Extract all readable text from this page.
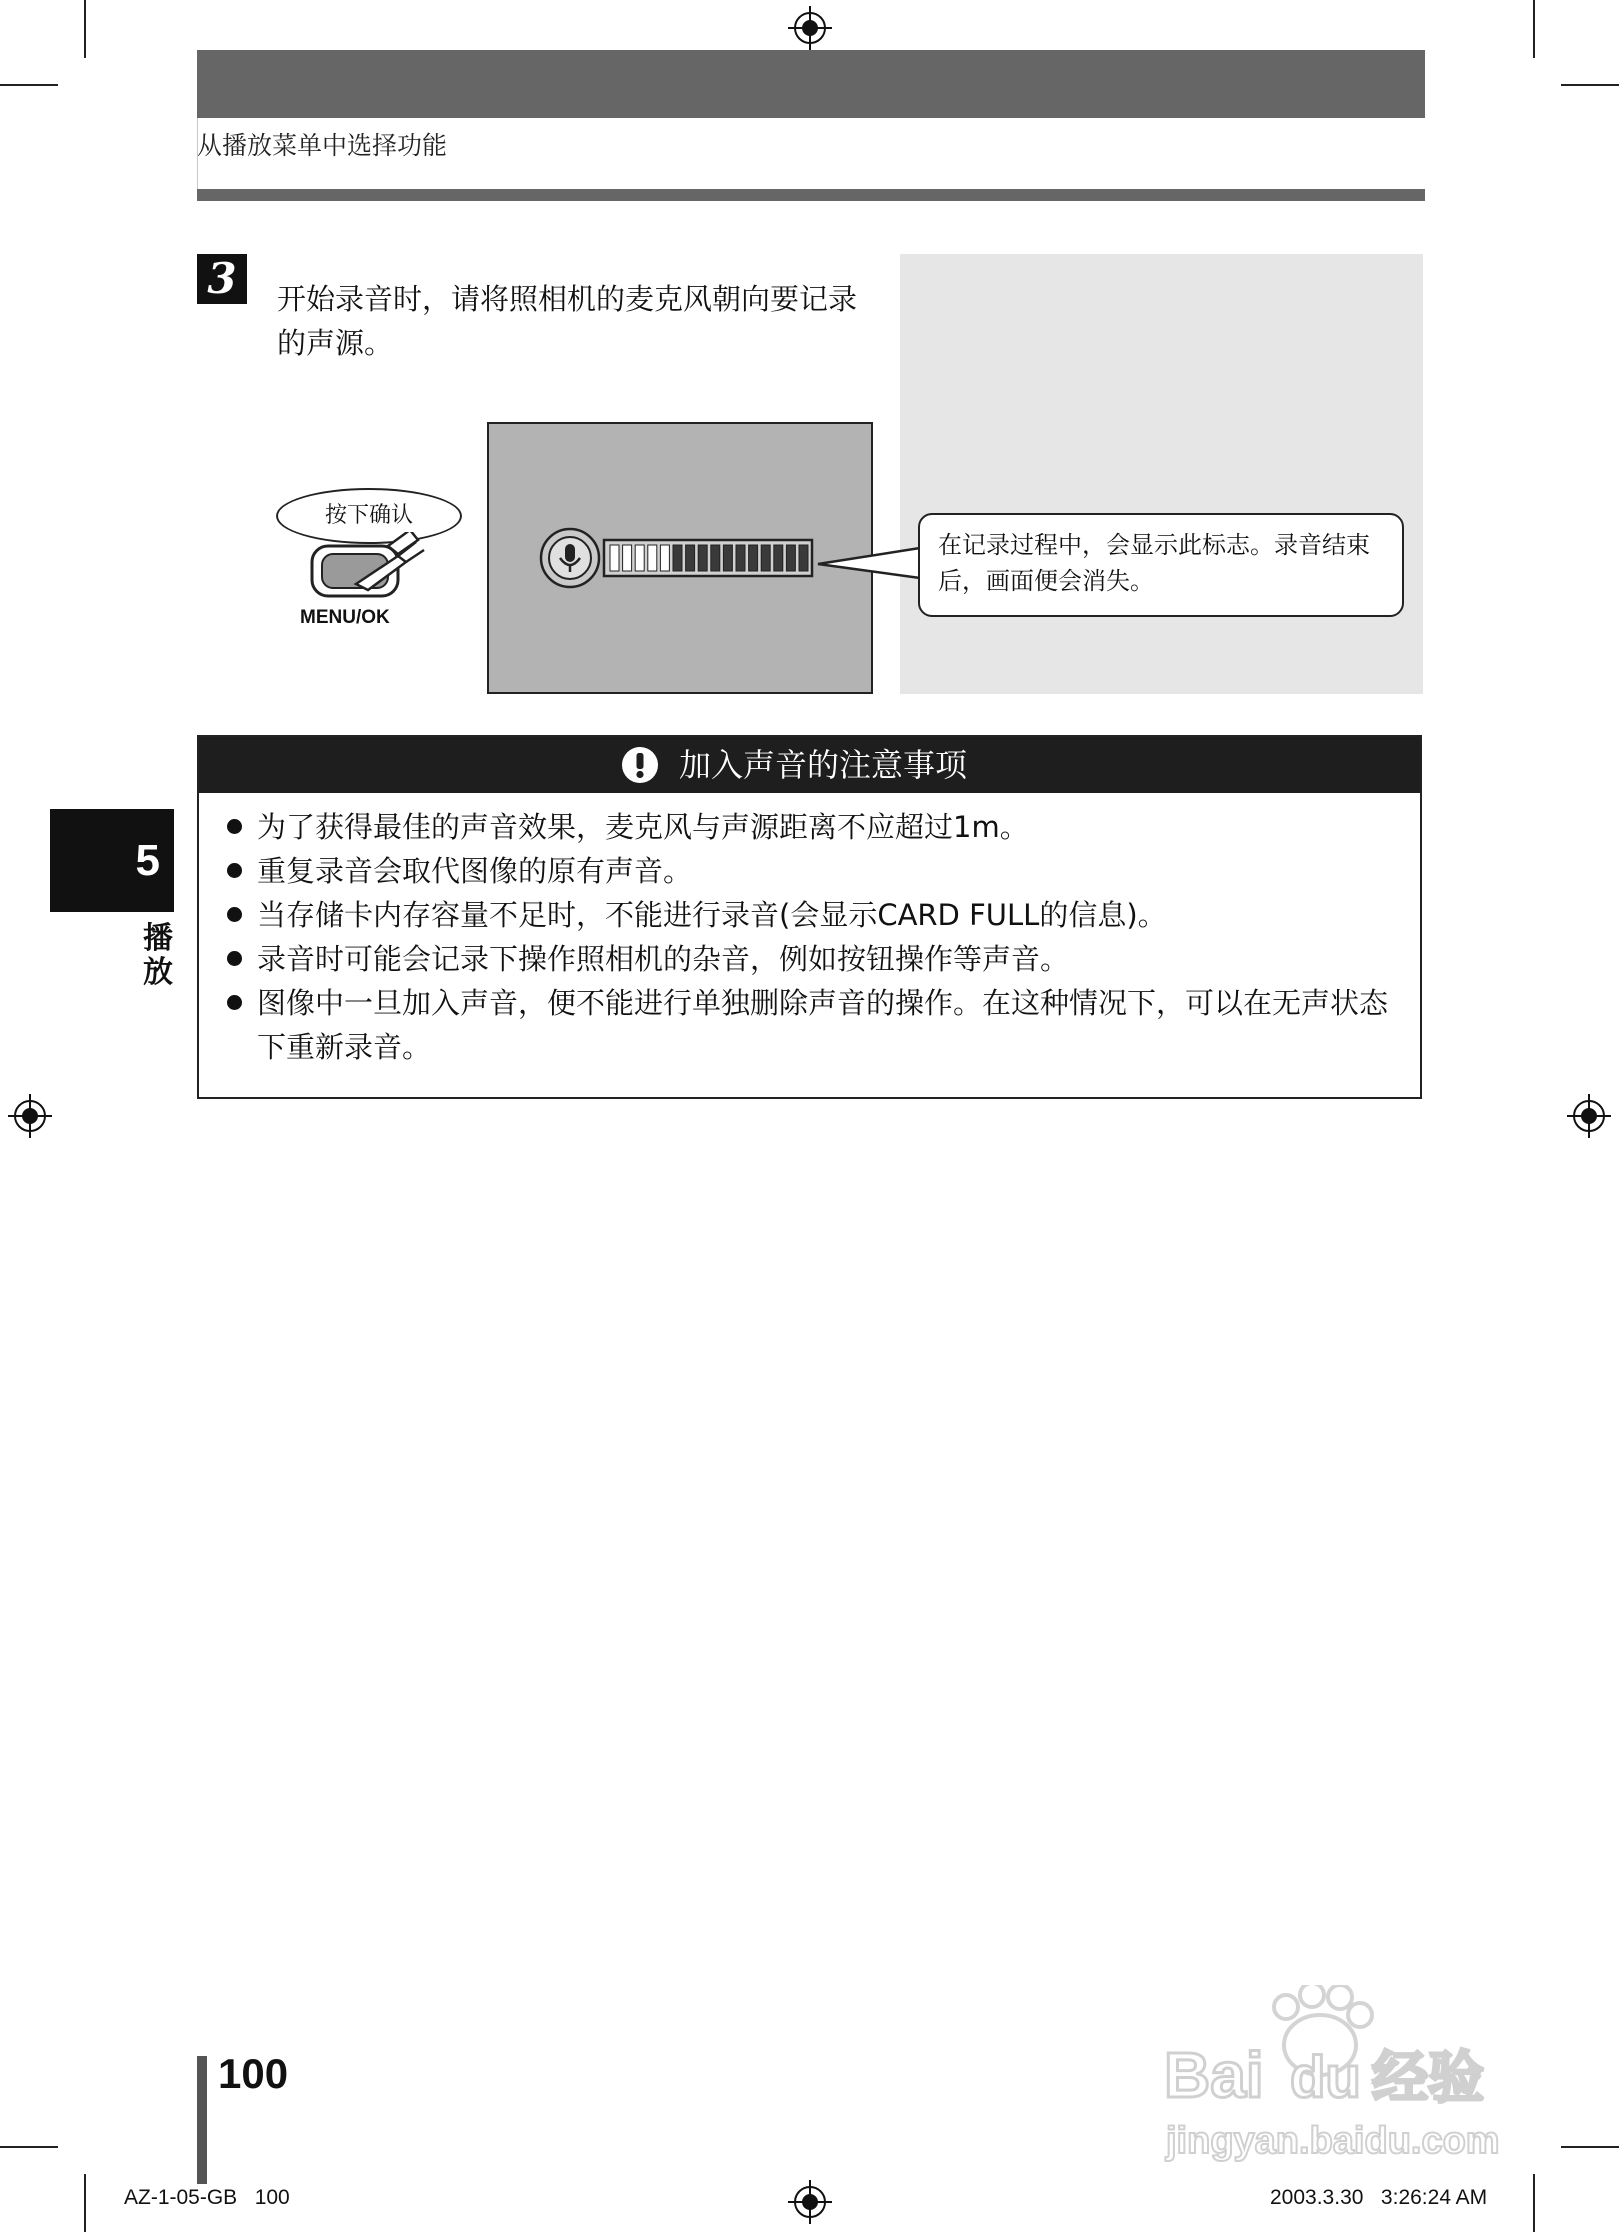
从播放菜单中选择功能
3	开始录音时，请将照相机的麦克风朝向要记录的声源。
按下确认
MENU/OK
在记录过程中，会显示此标志。录音结束后，画面便会消失。
加入声音的注意事项
为了获得最佳的声音效果，麦克风与声源距离不应超过1m。
重复录音会取代图像的原有声音。
当存储卡内存容量不足时，不能进行录音(会显示CARD FULL的信息)。
录音时可能会记录下操作照相机的杂音，例如按钮操作等声音。
图像中一旦加入声音，便不能进行单独删除声音的操作。在这种情况下，可以在无声状态下重新录音。
5
播放
100
AZ-1-05-GB   100	2003.3.30   3:26:24 AM
Bai du 经验
jingyan.baidu.com
